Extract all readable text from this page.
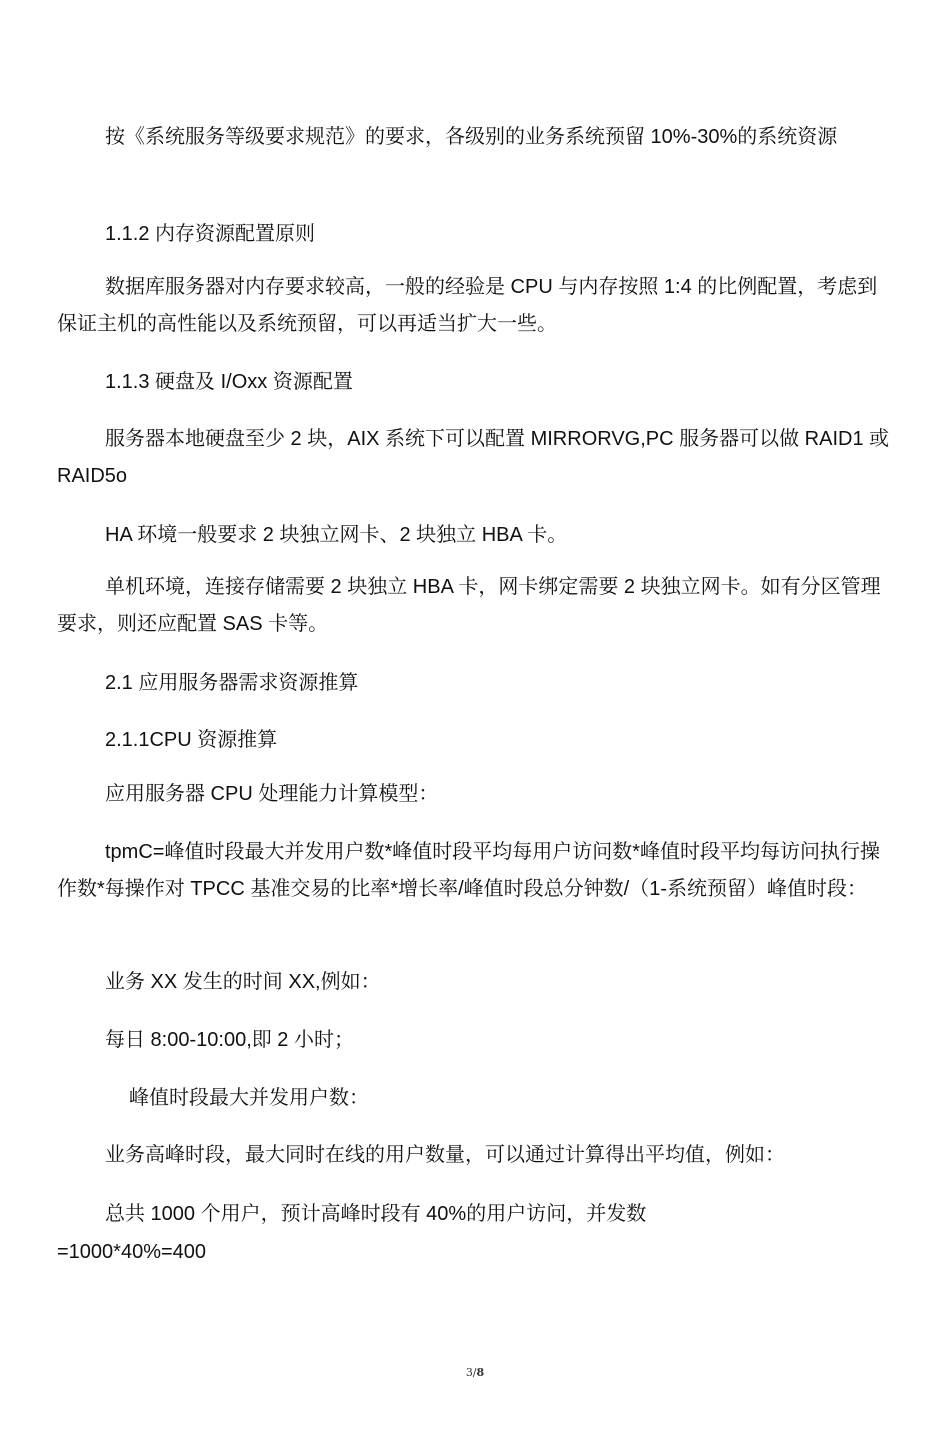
按《系统服务等级要求规范》的要求，各级别的业务系统预留 10%-30%的系统资源

1.1.2 内存资源配置原则

数据库服务器对内存要求较高，一般的经验是 CPU 与内存按照 1:4 的比例配置，考虑到保证主机的高性能以及系统预留，可以再适当扩大一些。

1.1.3 硬盘及 I/Oxx 资源配置

服务器本地硬盘至少 2 块，AIX 系统下可以配置 MIRRORVG,PC 服务器可以做 RAID1 或 RAID5o

HA 环境一般要求 2 块独立网卡、2 块独立 HBA 卡。

单机环境，连接存储需要 2 块独立 HBA 卡，网卡绑定需要 2 块独立网卡。如有分区管理要求，则还应配置 SAS 卡等。

2.1 应用服务器需求资源推算

2.1.1CPU 资源推算

应用服务器 CPU 处理能力计算模型：

tpmC=峰值时段最大并发用户数*峰值时段平均每用户访问数*峰值时段平均每访问执行操作数*每操作对 TPCC 基准交易的比率*增长率/峰值时段总分钟数/（1-系统预留）峰值时段：

业务 XX 发生的时间 XX,例如：

每日 8:00-10:00,即 2 小时；

峰值时段最大并发用户数：

业务高峰时段，最大同时在线的用户数量，可以通过计算得出平均值，例如：

总共 1000 个用户，预计高峰时段有 40%的用户访问，并发数

=1000*40%=400

3/8
